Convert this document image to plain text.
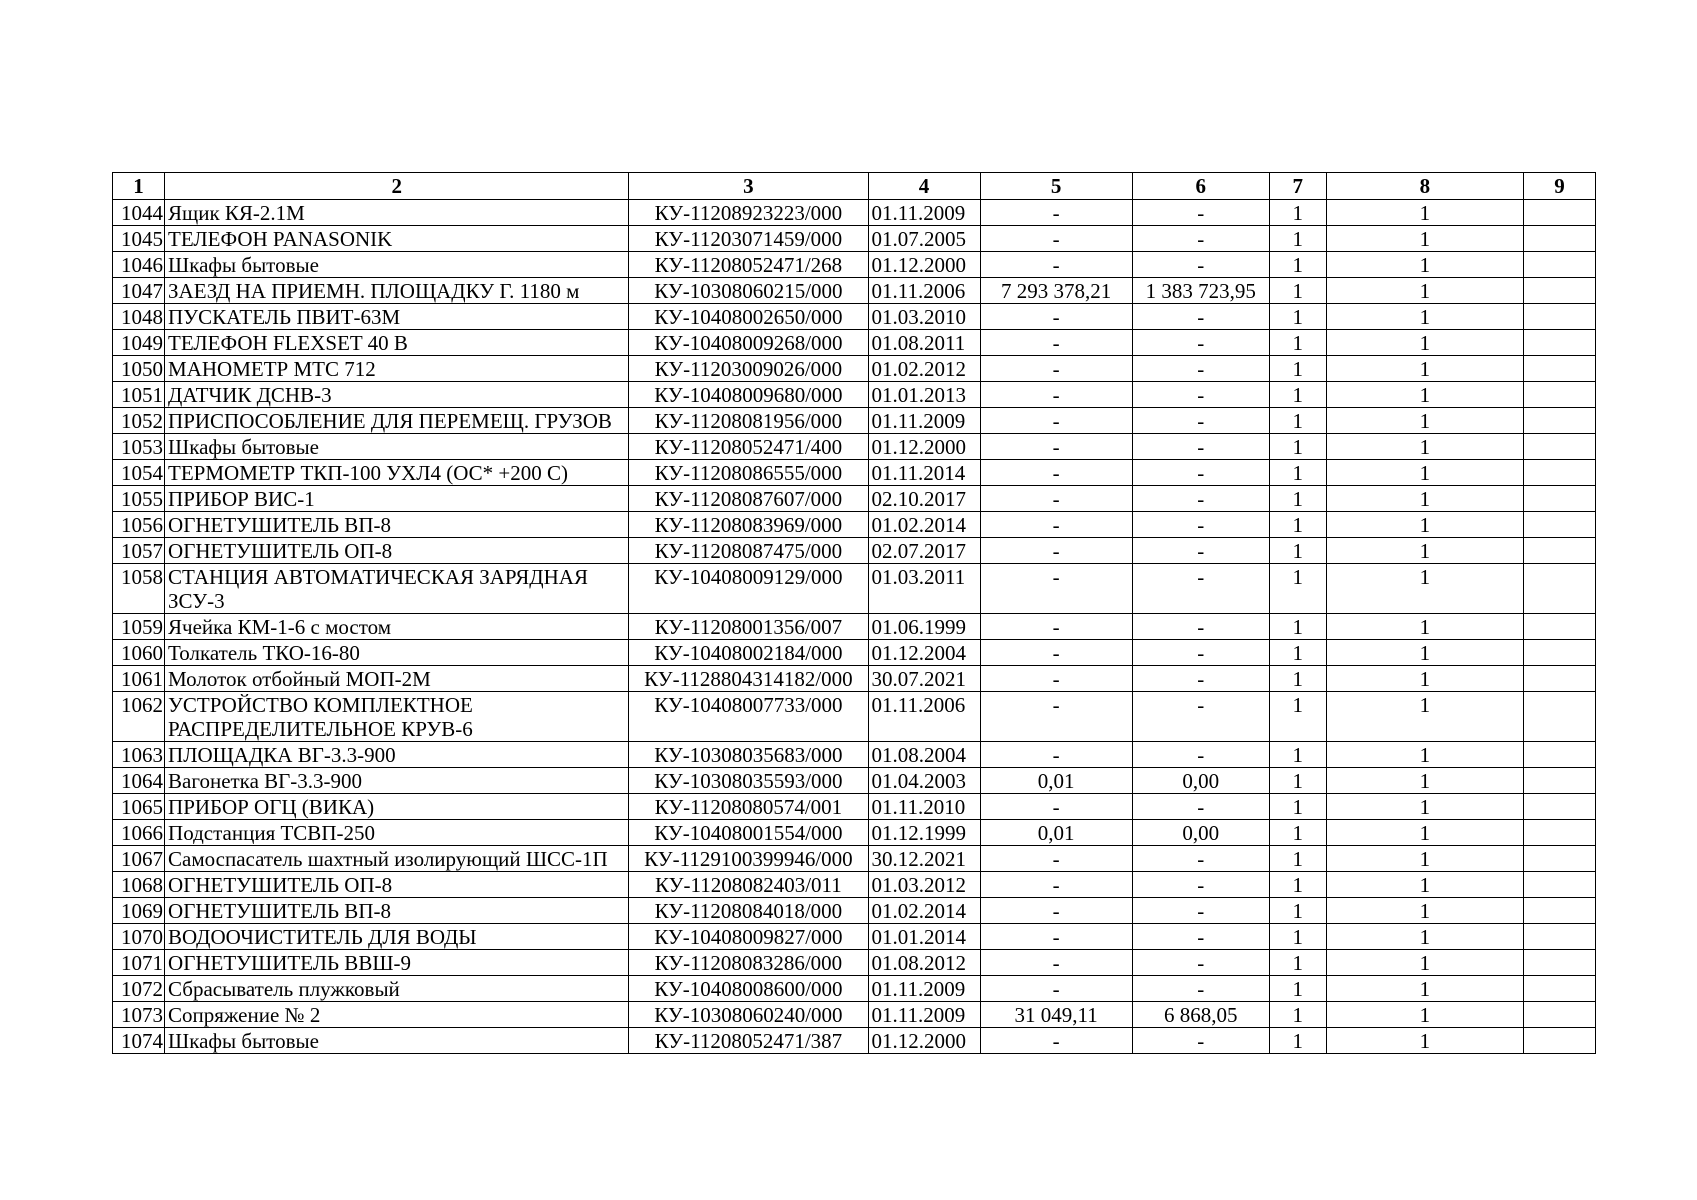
1	2	3	4	5	6	7	8	9
1044	Ящик КЯ-2.1М	КУ-11208923223/000	01.11.2009	-	-	1	1	
1045	ТЕЛЕФОН PANASONIK	КУ-11203071459/000	01.07.2005	-	-	1	1	
1046	Шкафы бытовые	КУ-11208052471/268	01.12.2000	-	-	1	1	
1047	ЗАЕЗД НА ПРИЕМН. ПЛОЩАДКУ Г. 1180 м	КУ-10308060215/000	01.11.2006	7 293 378,21	1 383 723,95	1	1	
1048	ПУСКАТЕЛЬ ПВИТ-63М	КУ-10408002650/000	01.03.2010	-	-	1	1	
1049	ТЕЛЕФОН FLEXSET 40 В	КУ-10408009268/000	01.08.2011	-	-	1	1	
1050	МАНОМЕТР МТС 712	КУ-11203009026/000	01.02.2012	-	-	1	1	
1051	ДАТЧИК ДСНВ-3	КУ-10408009680/000	01.01.2013	-	-	1	1	
1052	ПРИСПОСОБЛЕНИЕ ДЛЯ ПЕРЕМЕЩ. ГРУЗОВ	КУ-11208081956/000	01.11.2009	-	-	1	1	
1053	Шкафы бытовые	КУ-11208052471/400	01.12.2000	-	-	1	1	
1054	ТЕРМОМЕТР ТКП-100 УХЛ4 (ОС* +200 С)	КУ-11208086555/000	01.11.2014	-	-	1	1	
1055	ПРИБОР ВИС-1	КУ-11208087607/000	02.10.2017	-	-	1	1	
1056	ОГНЕТУШИТЕЛЬ ВП-8	КУ-11208083969/000	01.02.2014	-	-	1	1	
1057	ОГНЕТУШИТЕЛЬ ОП-8	КУ-11208087475/000	02.07.2017	-	-	1	1	
1058	СТАНЦИЯ АВТОМАТИЧЕСКАЯ ЗАРЯДНАЯ ЗСУ-3	КУ-10408009129/000	01.03.2011	-	-	1	1	
1059	Ячейка КМ-1-6 с мостом	КУ-11208001356/007	01.06.1999	-	-	1	1	
1060	Толкатель ТКО-16-80	КУ-10408002184/000	01.12.2004	-	-	1	1	
1061	Молоток отбойный МОП-2М	КУ-1128804314182/000	30.07.2021	-	-	1	1	
1062	УСТРОЙСТВО КОМПЛЕКТНОЕ РАСПРЕДЕЛИТЕЛЬНОЕ КРУВ-6	КУ-10408007733/000	01.11.2006	-	-	1	1	
1063	ПЛОЩАДКА ВГ-3.3-900	КУ-10308035683/000	01.08.2004	-	-	1	1	
1064	Вагонетка ВГ-3.3-900	КУ-10308035593/000	01.04.2003	0,01	0,00	1	1	
1065	ПРИБОР ОГЦ (ВИКА)	КУ-11208080574/001	01.11.2010	-	-	1	1	
1066	Подстанция ТСВП-250	КУ-10408001554/000	01.12.1999	0,01	0,00	1	1	
1067	Самоспасатель шахтный изолирующий ШСС-1П	КУ-1129100399946/000	30.12.2021	-	-	1	1	
1068	ОГНЕТУШИТЕЛЬ ОП-8	КУ-11208082403/011	01.03.2012	-	-	1	1	
1069	ОГНЕТУШИТЕЛЬ ВП-8	КУ-11208084018/000	01.02.2014	-	-	1	1	
1070	ВОДООЧИСТИТЕЛЬ ДЛЯ ВОДЫ	КУ-10408009827/000	01.01.2014	-	-	1	1	
1071	ОГНЕТУШИТЕЛЬ ВВШ-9	КУ-11208083286/000	01.08.2012	-	-	1	1	
1072	Сбрасыватель плужковый	КУ-10408008600/000	01.11.2009	-	-	1	1	
1073	Сопряжение № 2	КУ-10308060240/000	01.11.2009	31 049,11	6 868,05	1	1	
1074	Шкафы бытовые	КУ-11208052471/387	01.12.2000	-	-	1	1	
